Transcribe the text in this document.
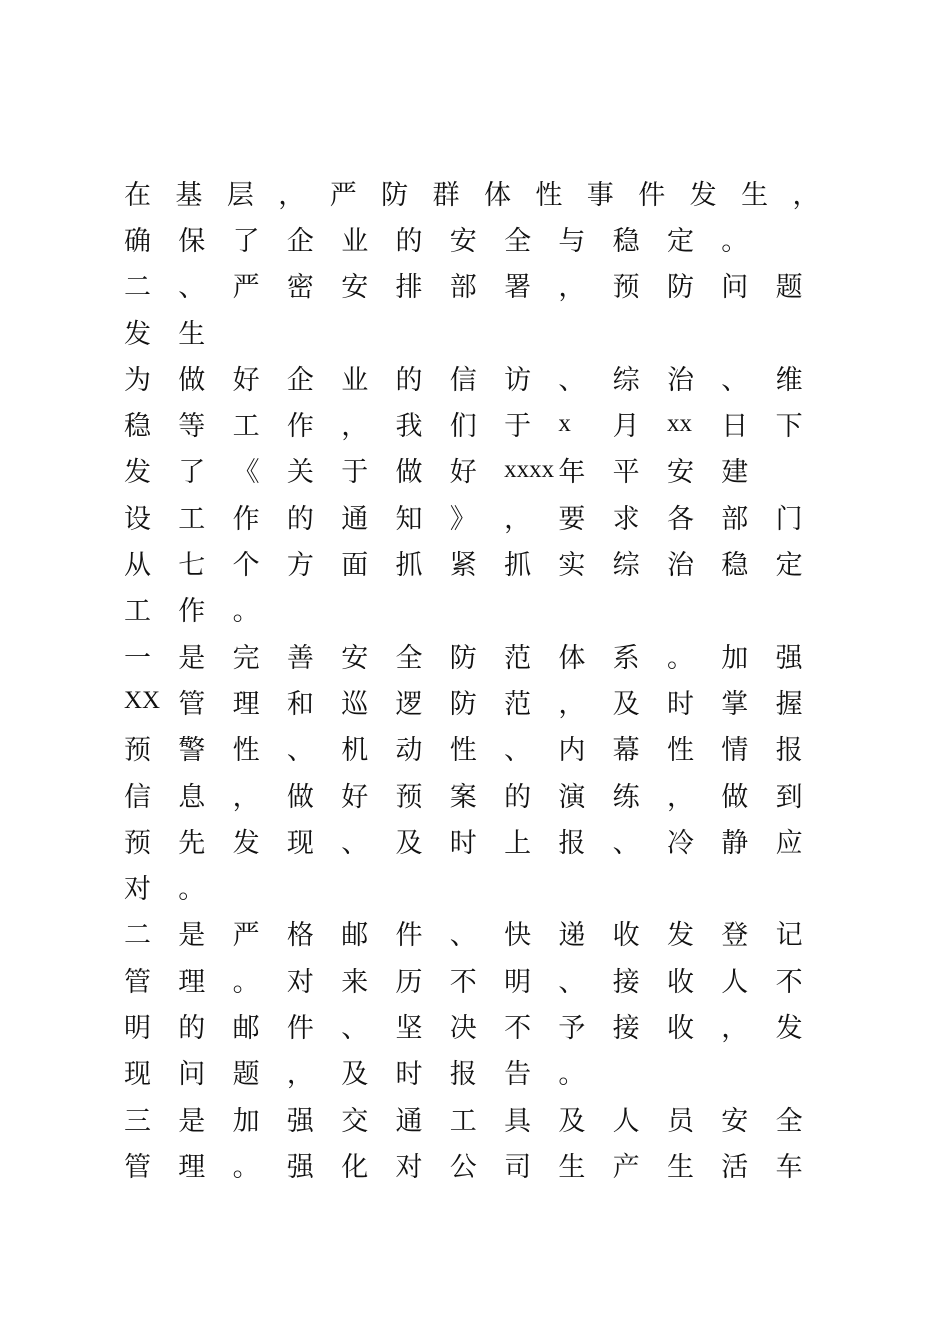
在 基 层 ， 严 防 群 体 性 事 件 发 生 ，
确	保	了	企	业	的	安	全	与	稳	定	。
二	、	严	密	安	排	部	署	，	预	防	问	题
发	生
为	做	好	企	业	的	信	访	、	综	治	、	维
稳	等	工	作	，	我	们	于	x	月	xx	日	下
发	了	《	关	于	做	好	xxxx 年	平	安	建
设	工	作	的	通	知	》	，	要	求	各	部	门
从	七	个	方	面	抓	紧	抓	实	综	治	稳	定
工	作	。
一	是	完	善	安	全	防	范	体	系	。	加	强
XX 管	理	和	巡	逻	防	范	，	及	时	掌	握
预	警	性	、	机	动	性	、	内	幕	性	情	报
信	息	，	做	好	预	案	的	演	练	，	做	到
预	先	发	现	、	及	时	上	报	、	冷	静	应
对	。
二	是	严	格	邮	件	、	快	递	收	发	登	记
管	理	。	对	来	历	不	明	、	接	收	人	不
明	的	邮	件	、	坚	决	不	予	接	收	，	发
现	问	题	，	及	时	报	告	。
三	是	加	强	交	通	工	具	及	人	员	安	全
管	理	。	强	化	对	公	司	生	产	生	活	车
